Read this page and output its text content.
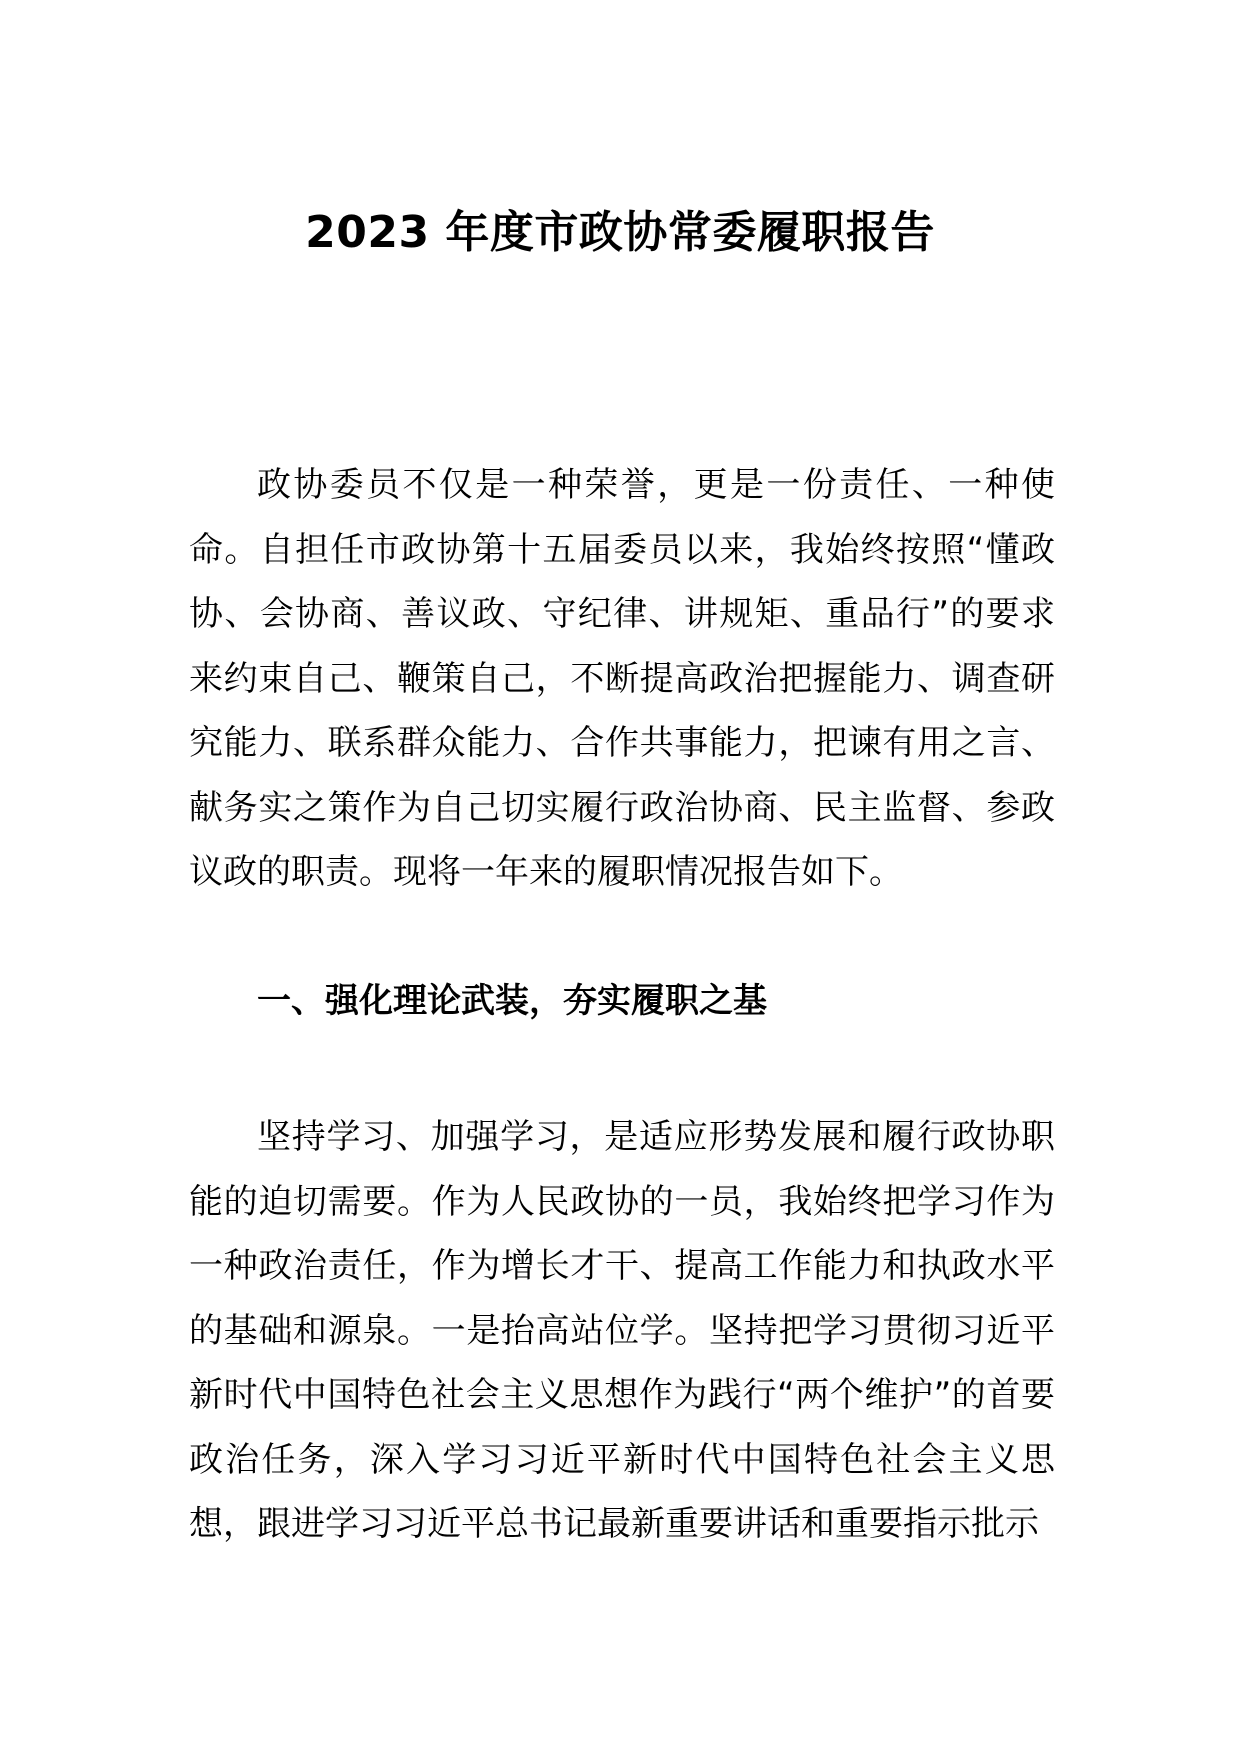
2023 年度市政协常委履职报告

政协委员不仅是一种荣誉，更是一份责任、一种使命。自担任市政协第十五届委员以来，我始终按照“懂政协、会协商、善议政、守纪律、讲规矩、重品行”的要求来约束自己、鞭策自己，不断提高政治把握能力、调查研究能力、联系群众能力、合作共事能力，把谏有用之言、献务实之策作为自己切实履行政治协商、民主监督、参政议政的职责。现将一年来的履职情况报告如下。

一、强化理论武装，夯实履职之基

坚持学习、加强学习，是适应形势发展和履行政协职能的迫切需要。作为人民政协的一员，我始终把学习作为一种政治责任，作为增长才干、提高工作能力和执政水平的基础和源泉。一是抬高站位学。坚持把学习贯彻习近平新时代中国特色社会主义思想作为践行“两个维护”的首要政治任务，深入学习习近平新时代中国特色社会主义思想，跟进学习习近平总书记最新重要讲话和重要指示批示
